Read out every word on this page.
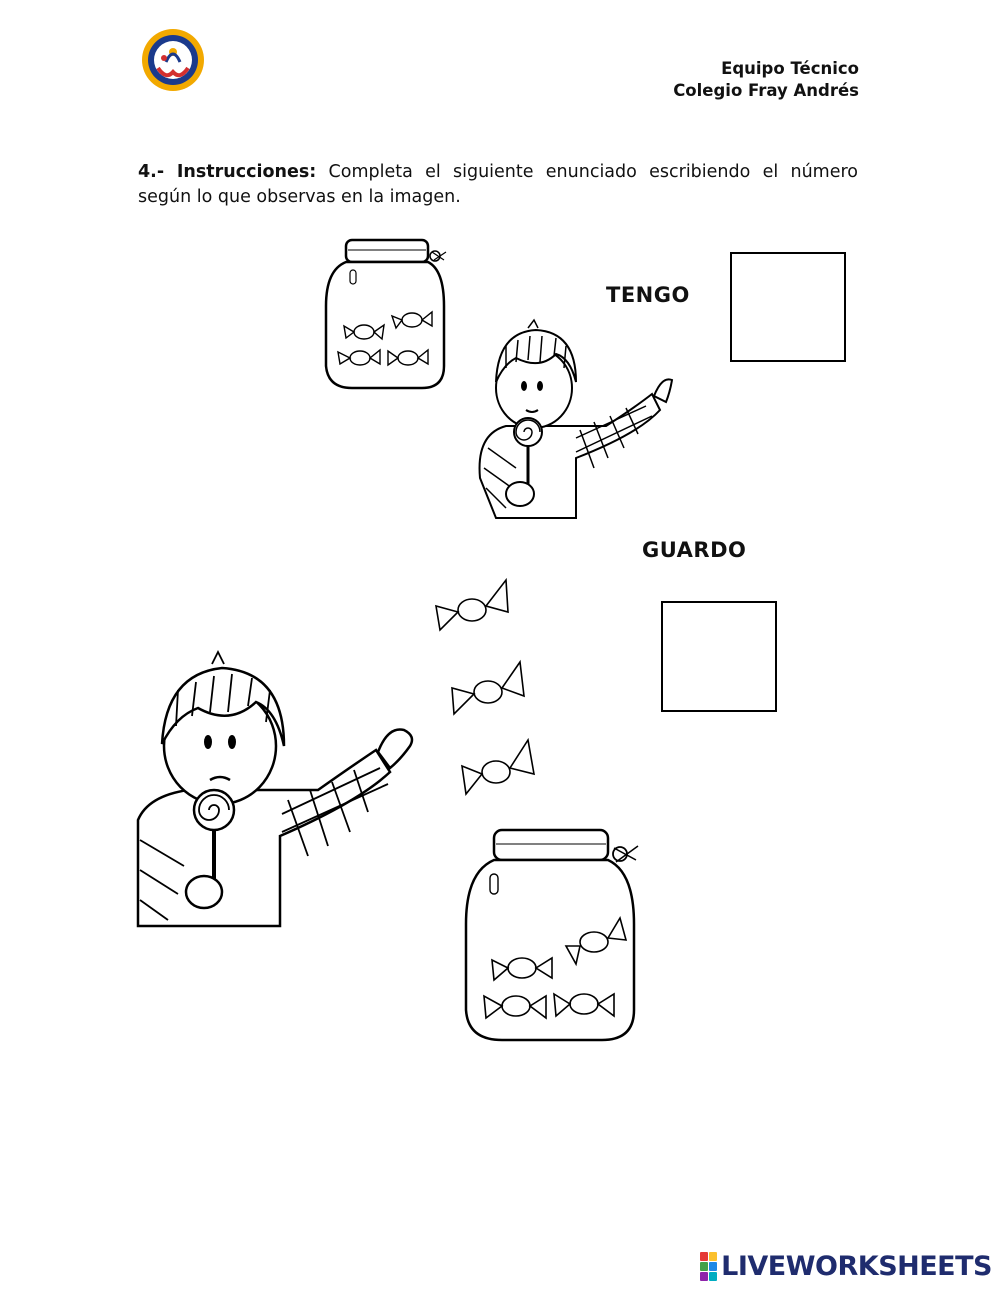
Equipo Técnico
Colegio Fray Andrés
4.- Instrucciones: Completa el siguiente enunciado escribiendo el número según lo que observas en la imagen.
TENGO
GUARDO
LIVEWORKSHEETS
